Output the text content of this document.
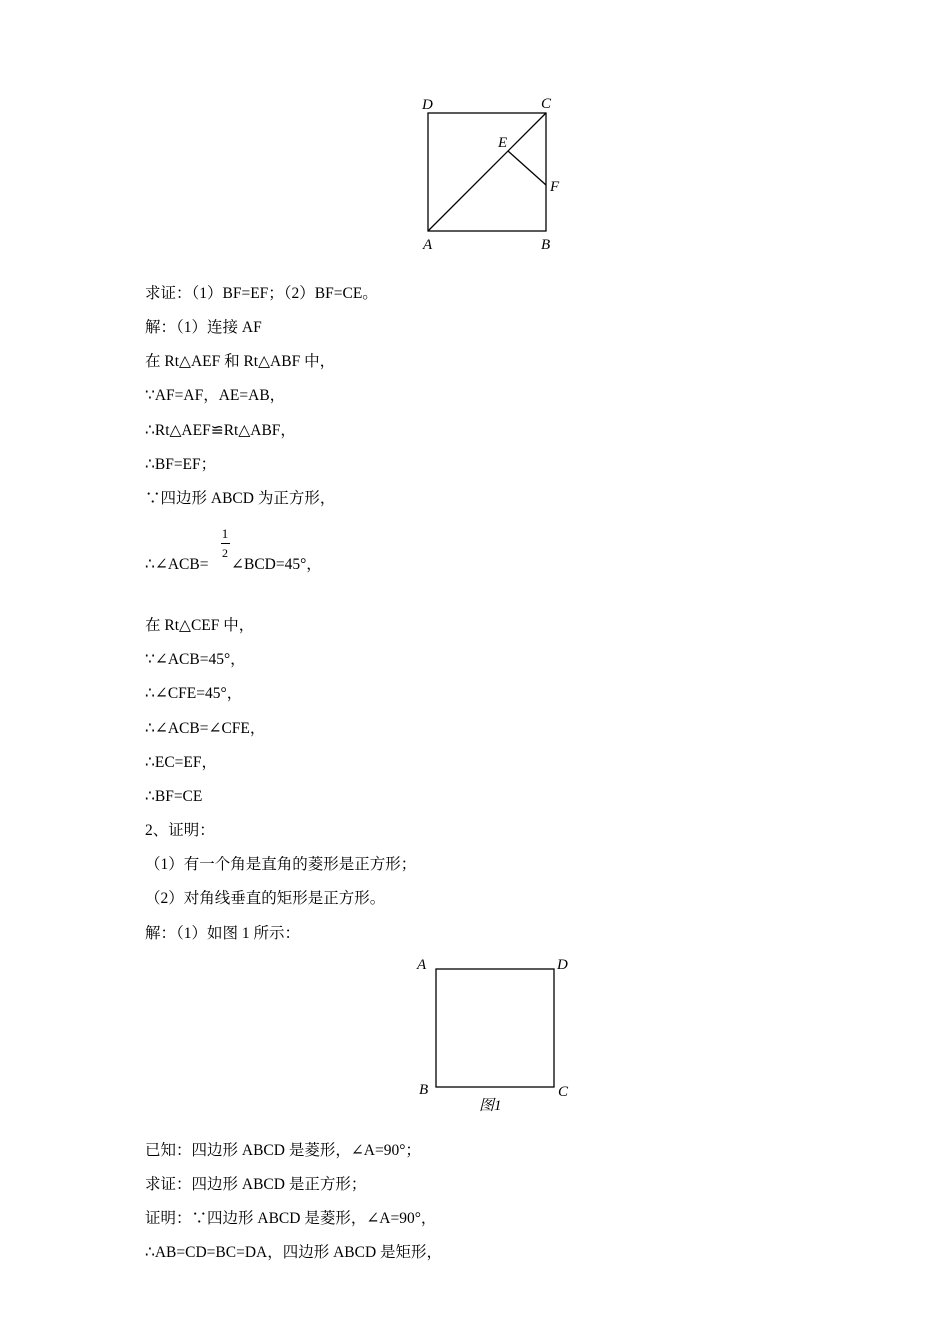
D	C
E
F
A	B
求证：（1）BF=EF；（2）BF=CE。
解：（1）连接 AF
在 Rt△AEF 和 Rt△ABF 中，
∵AF=AF，AE=AB，
∴Rt△AEF≌Rt△ABF，
∴BF=EF；
∵四边形 ABCD 为正方形，
∴∠ACB=
1
2
∠BCD=45°，
在 Rt△CEF 中，
∵∠ACB=45°，
∴∠CFE=45°，
∴∠ACB=∠CFE，
∴EC=EF，
∴BF=CE
2、证明：
（1）有一个角是直角的菱形是正方形；
（2）对角线垂直的矩形是正方形。
解：（1）如图 1 所示：
A	D
B	C
图1
已知：四边形 ABCD 是菱形，∠A=90°；
求证：四边形 ABCD 是正方形；
证明：∵四边形 ABCD 是菱形，∠A=90°，
∴AB=CD=BC=DA，四边形 ABCD 是矩形，
